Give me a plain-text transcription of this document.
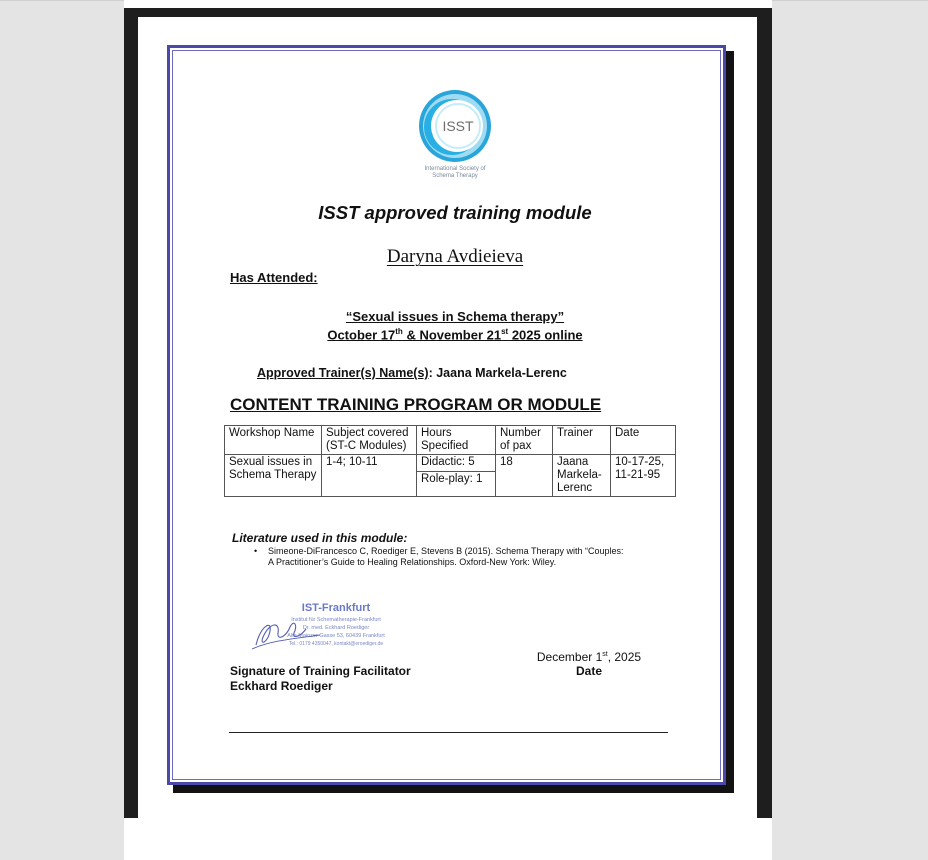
ISST
International Society of
Schema Therapy
ISST approved training module
Daryna Avdieieva
Has Attended:
“Sexual issues in Schema therapy”
October 17th & November 21st 2025 online
Approved Trainer(s) Name(s): Jaana Markela-Lerenc
CONTENT TRAINING PROGRAM OR MODULE
Workshop Name	Subject covered (ST-C Modules)	Hours Specified	Number of pax	Trainer	Date
Sexual issues in Schema Therapy	1-4; 10-11	Didactic: 5	18	Jaana Markela-Lerenc	10-17-25, 11-21-95
		Role-play: 1			
Literature used in this module:
• Simeone-DiFrancesco C, Roediger E, Stevens B (2015). Schema Therapy with “Couples: A Practitioner’s Guide to Healing Relationships. Oxford-New York: Wiley.
IST-Frankfurt
Institut für Schematherapie-Frankfurt
Dr. med. Eckhard Roediger
Alte Mainzer Gasse 53, 60439 Frankfurt
Tel.: 0179 4350047, kontakt@eroediger.de
Signature of Training Facilitator
Eckhard Roediger
December 1st, 2025
Date
